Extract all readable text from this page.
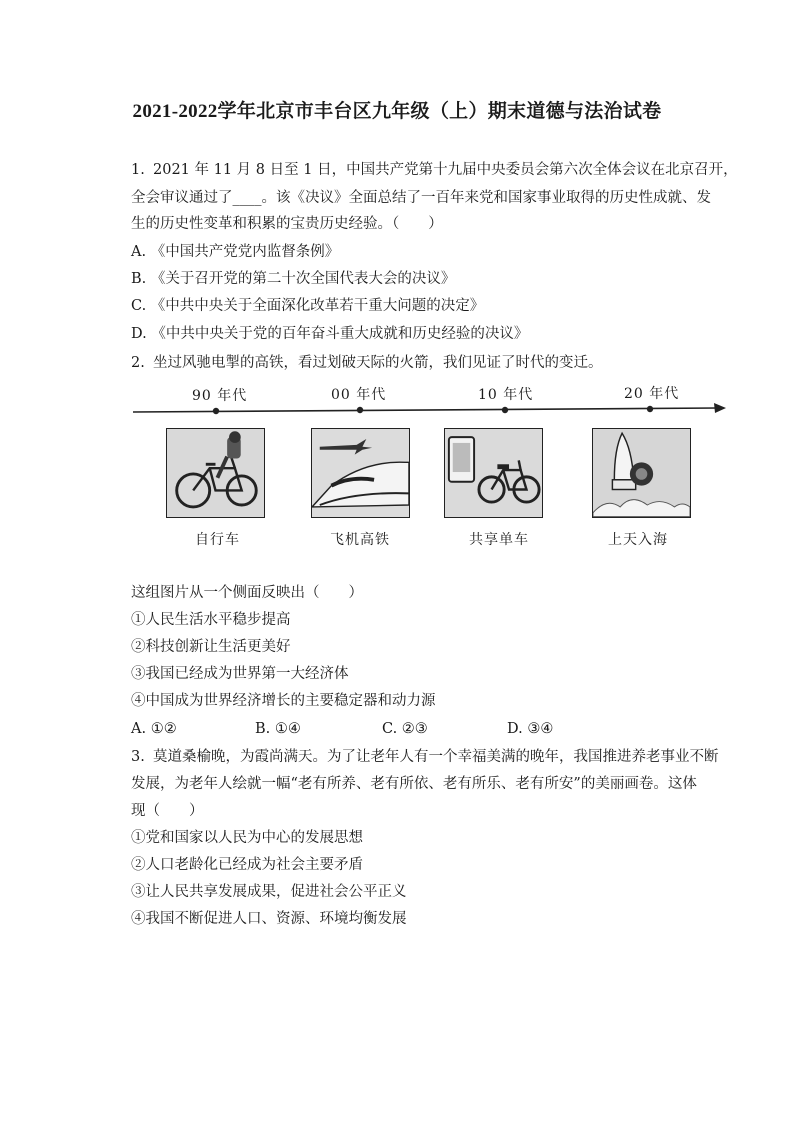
2021-2022学年北京市丰台区九年级（上）期末道德与法治试卷
1. 2021 年 11 月 8 日至 1 日，中国共产党第十九届中央委员会第六次全体会议在北京召开，
全会审议通过了____。该《决议》全面总结了一百年来党和国家事业取得的历史性成就、发
生的历史性变革和积累的宝贵历史经验。（　　）
A. 《中国共产党党内监督条例》
B. 《关于召开党的第二十次全国代表大会的决议》
C. 《中共中央关于全面深化改革若干重大问题的决定》
D. 《中共中央关于党的百年奋斗重大成就和历史经验的决议》
2. 坐过风驰电掣的高铁，看过划破天际的火箭，我们见证了时代的变迁。
90 年代	00 年代	10 年代	20 年代
自行车	飞机高铁	共享单车	上天入海
这组图片从一个侧面反映出（　　）
①人民生活水平稳步提高
②科技创新让生活更美好
③我国已经成为世界第一大经济体
④中国成为世界经济增长的主要稳定器和动力源
A. ①②	B. ①④	C. ②③	D. ③④
3. 莫道桑榆晚，为霞尚满天。为了让老年人有一个幸福美满的晚年，我国推进养老事业不断
发展，为老年人绘就一幅“老有所养、老有所依、老有所乐、老有所安”的美丽画卷。这体
现（　　）
①党和国家以人民为中心的发展思想
②人口老龄化已经成为社会主要矛盾
③让人民共享发展成果，促进社会公平正义
④我国不断促进人口、资源、环境均衡发展
